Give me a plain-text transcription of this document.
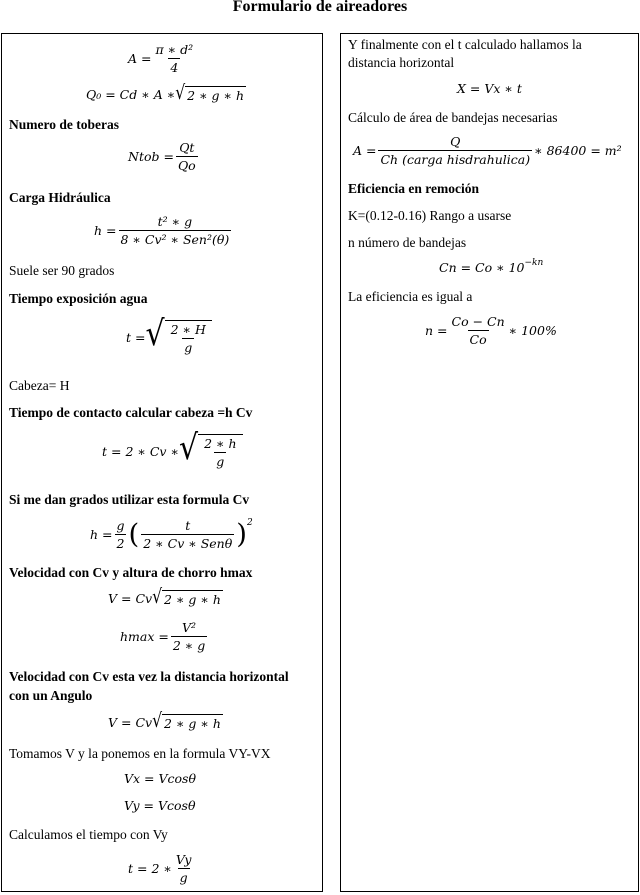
Formulario de aireadores
$A = \frac{\text{π ∗ d²}}{4}$
Q₀ = Cd ∗ A ∗ √ 2 ∗ g ∗ h
Numero de toberas
Ntob = $\frac{Qt}{Qo}$
Carga Hidráulica
$h = \frac{\text{t² ∗ g}}{\text{8 ∗ Cv² ∗ Sen²(θ)}}$
Suele ser 90 grados
Tiempo exposición agua
t = √ $\frac{2 ∗ H}{g}$
Cabeza= H
Tiempo de contacto calcular cabeza =h Cv
t = 2 ∗ Cv ∗ √ $\frac{2 ∗ h}{g}$
Si me dan grados utilizar esta formula Cv
$h = \frac{g}{2}$ ( $\frac{t}{\text{2 ∗ Cv ∗ Senθ}} )^2$
Velocidad con Cv y altura de chorro hmax
V = Cv √ 2 ∗ g ∗ h
$hmax = \frac{\text{V²}}{2 ∗ g}$
Velocidad con Cv esta vez la distancia horizontal
con un Angulo
V = Cv √ 2 ∗ g ∗ h
Tomamos V y la ponemos en la formula VY-VX
Vx = Vcosθ
Vy = Vcosθ
Calculamos el tiempo con Vy
t = 2 ∗ $\frac{Vy}{g}$
Y finalmente con el t calculado hallamos la
distancia horizontal
X = Vx ∗ t
Cálculo de área de bandejas necesarias
$A = \frac{Q}{\text{Ch (carga hisdrahulica)}}$ ∗ 86400 = m²
Eficiencia en remoción
K=(0.12-0.16) Rango a usarse
n número de bandejas
Cn = Co ∗ $10^{-kn}$
La eficiencia es igual a
$n = \frac{Co - Cn}{Co}$ ∗ 100%
